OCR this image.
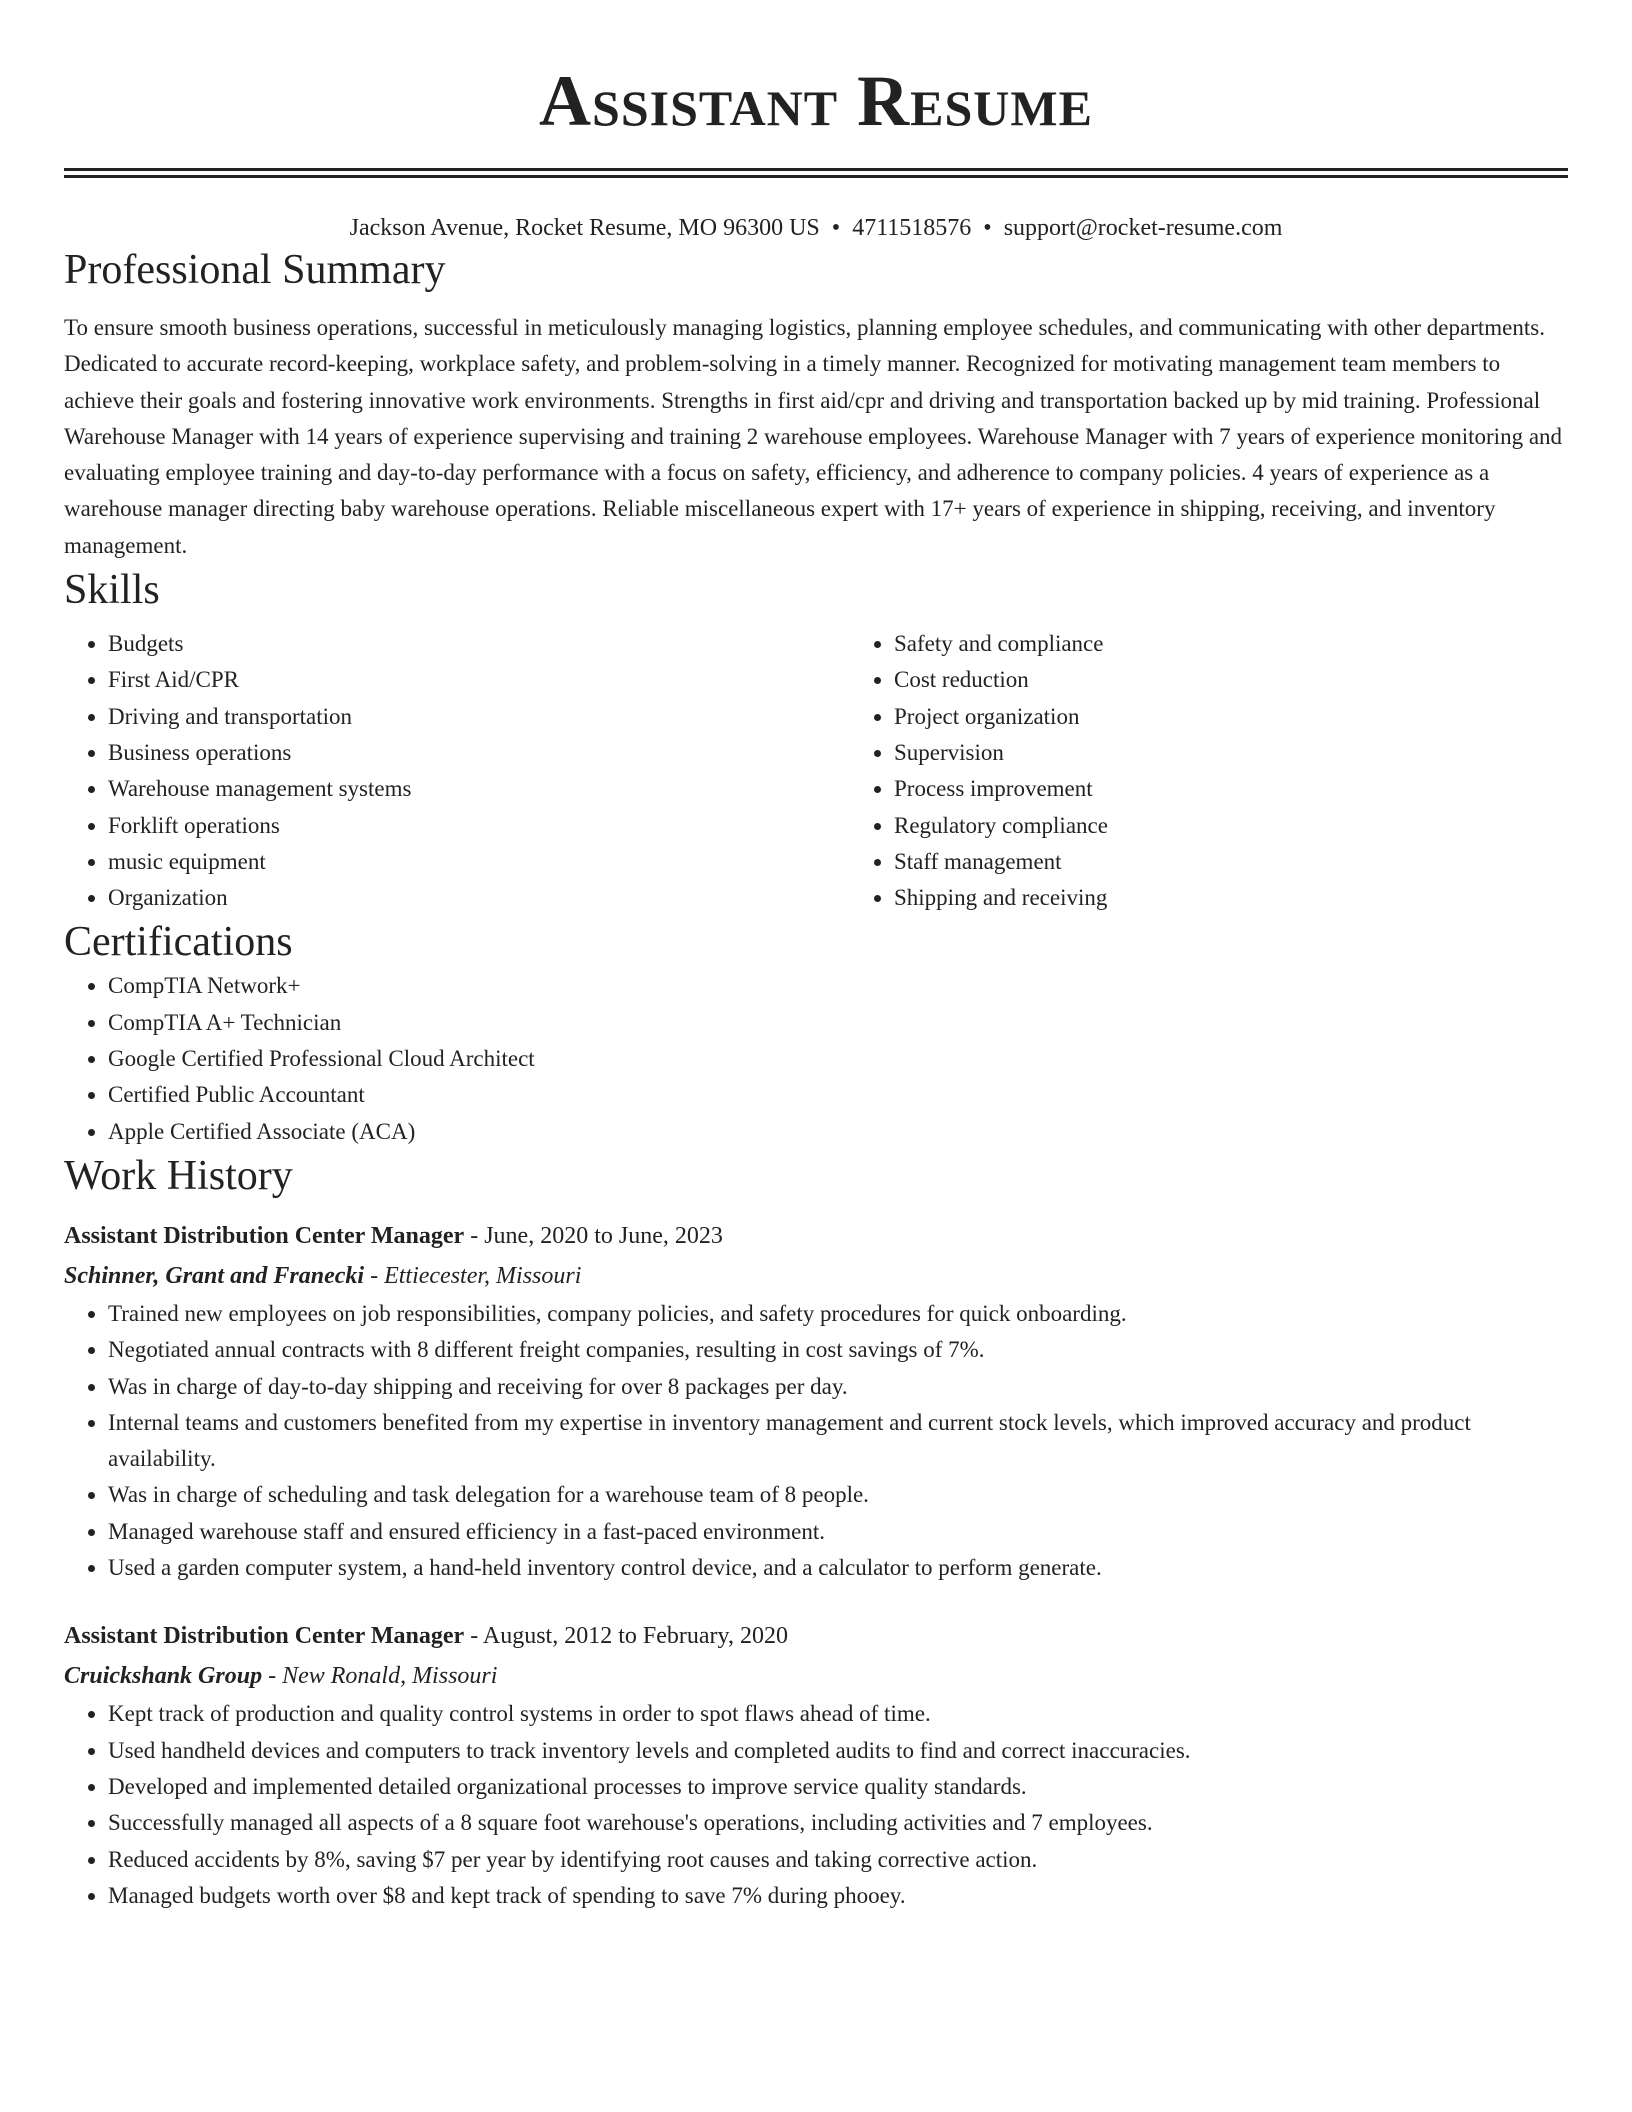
Assistant Resume
Jackson Avenue, Rocket Resume, MO 96300 US • 4711518576 • support@rocket-resume.com
Professional Summary

To ensure smooth business operations, successful in meticulously managing logistics, planning employee schedules, and communicating with other departments. Dedicated to accurate record-keeping, workplace safety, and problem-solving in a timely manner. Recognized for motivating management team members to achieve their goals and fostering innovative work environments. Strengths in first aid/cpr and driving and transportation backed up by mid training. Professional Warehouse Manager with 14 years of experience supervising and training 2 warehouse employees. Warehouse Manager with 7 years of experience monitoring and evaluating employee training and day-to-day performance with a focus on safety, efficiency, and adherence to company policies. 4 years of experience as a warehouse manager directing baby warehouse operations. Reliable miscellaneous expert with 17+ years of experience in shipping, receiving, and inventory management.

Skills
• Budgets
• First Aid/CPR
• Driving and transportation
• Business operations
• Warehouse management systems
• Forklift operations
• music equipment
• Organization
• Safety and compliance
• Cost reduction
• Project organization
• Supervision
• Process improvement
• Regulatory compliance
• Staff management
• Shipping and receiving
Certifications
• CompTIA Network+
• CompTIA A+ Technician
• Google Certified Professional Cloud Architect
• Certified Public Accountant
• Apple Certified Associate (ACA)
Work History
Assistant Distribution Center Manager - June, 2020 to June, 2023
Schinner, Grant and Franecki - Ettiecester, Missouri
• Trained new employees on job responsibilities, company policies, and safety procedures for quick onboarding.
• Negotiated annual contracts with 8 different freight companies, resulting in cost savings of 7%.
• Was in charge of day-to-day shipping and receiving for over 8 packages per day.
• Internal teams and customers benefited from my expertise in inventory management and current stock levels, which improved accuracy and product availability.
• Was in charge of scheduling and task delegation for a warehouse team of 8 people.
• Managed warehouse staff and ensured efficiency in a fast-paced environment.
• Used a garden computer system, a hand-held inventory control device, and a calculator to perform generate.
Assistant Distribution Center Manager - August, 2012 to February, 2020
Cruickshank Group - New Ronald, Missouri
• Kept track of production and quality control systems in order to spot flaws ahead of time.
• Used handheld devices and computers to track inventory levels and completed audits to find and correct inaccuracies.
• Developed and implemented detailed organizational processes to improve service quality standards.
• Successfully managed all aspects of a 8 square foot warehouse's operations, including activities and 7 employees.
• Reduced accidents by 8%, saving $7 per year by identifying root causes and taking corrective action.
• Managed budgets worth over $8 and kept track of spending to save 7% during phooey.
